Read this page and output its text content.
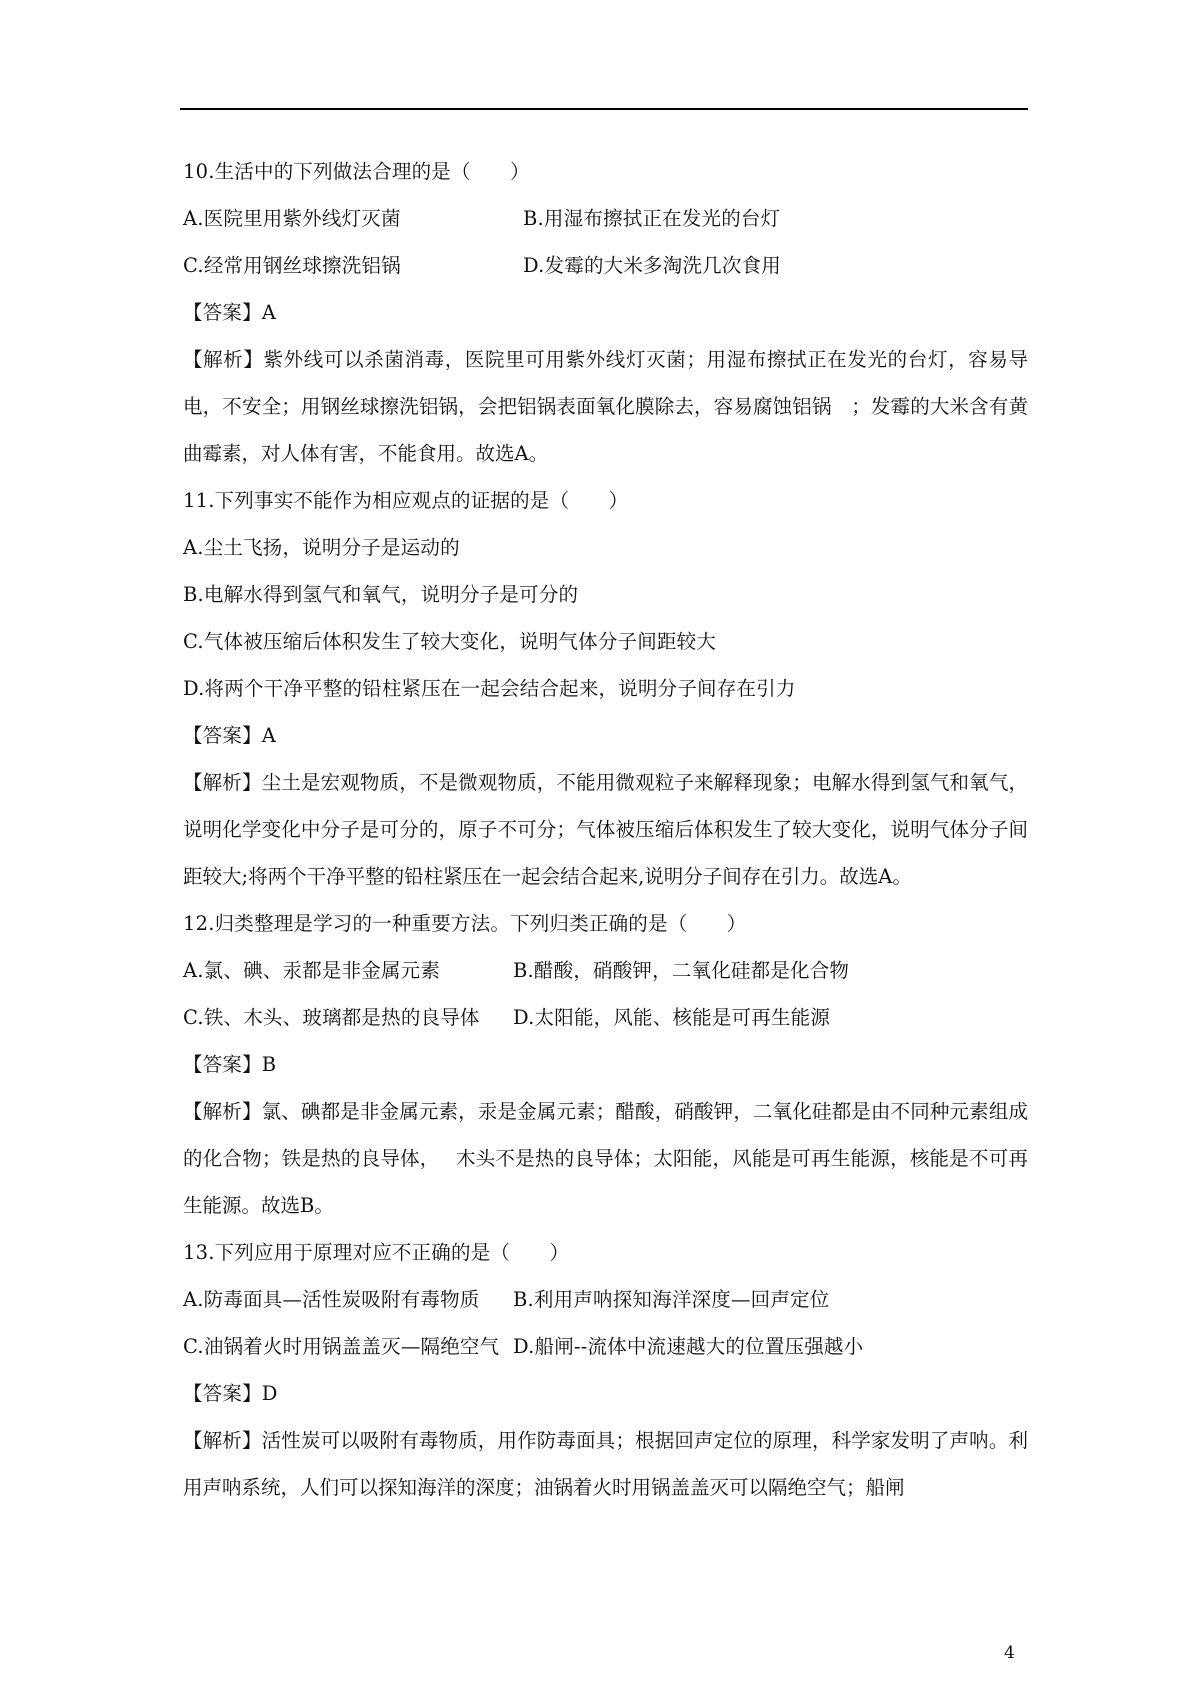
10.生活中的下列做法合理的是（　　）
A.医院里用紫外线灯灭菌	B.用湿布擦拭正在发光的台灯
C.经常用钢丝球擦洗铝锅	D.发霉的大米多淘洗几次食用
【答案】A
【解析】紫外线可以杀菌消毒，医院里可用紫外线灯灭菌；用湿布擦拭正在发光的台灯，容易导电，不安全；用钢丝球擦洗铝锅，会把铝锅表面氧化膜除去，容易腐蚀铝锅　；发霉的大米含有黄曲霉素，对人体有害，不能食用。故选A。
11.下列事实不能作为相应观点的证据的是（　　）
A.尘土飞扬，说明分子是运动的
B.电解水得到氢气和氧气，说明分子是可分的
C.气体被压缩后体积发生了较大变化，说明气体分子间距较大
D.将两个干净平整的铅柱紧压在一起会结合起来，说明分子间存在引力
【答案】A
【解析】尘土是宏观物质，不是微观物质，不能用微观粒子来解释现象；电解水得到氢气和氧气，说明化学变化中分子是可分的，原子不可分；气体被压缩后体积发生了较大变化，说明气体分子间距较大;将两个干净平整的铅柱紧压在一起会结合起来,说明分子间存在引力。故选A。
12.归类整理是学习的一种重要方法。下列归类正确的是（　　）
A.氯、碘、汞都是非金属元素	B.醋酸，硝酸钾，二氧化硅都是化合物
C.铁、木头、玻璃都是热的良导体	D.太阳能，风能、核能是可再生能源
【答案】B
【解析】氯、碘都是非金属元素，汞是金属元素；醋酸，硝酸钾，二氧化硅都是由不同种元素组成的化合物；铁是热的良导体，　 木头不是热的良导体；太阳能，风能是可再生能源，核能是不可再生能源。故选B。
13.下列应用于原理对应不正确的是（　　）
A.防毒面具—活性炭吸附有毒物质	B.利用声呐探知海洋深度—回声定位
C.油锅着火时用锅盖盖灭—隔绝空气 D.船闸--流体中流速越大的位置压强越小
【答案】D
【解析】活性炭可以吸附有毒物质，用作防毒面具；根据回声定位的原理，科学家发明了声呐。利用声呐系统，人们可以探知海洋的深度；油锅着火时用锅盖盖灭可以隔绝空气；船闸
4
